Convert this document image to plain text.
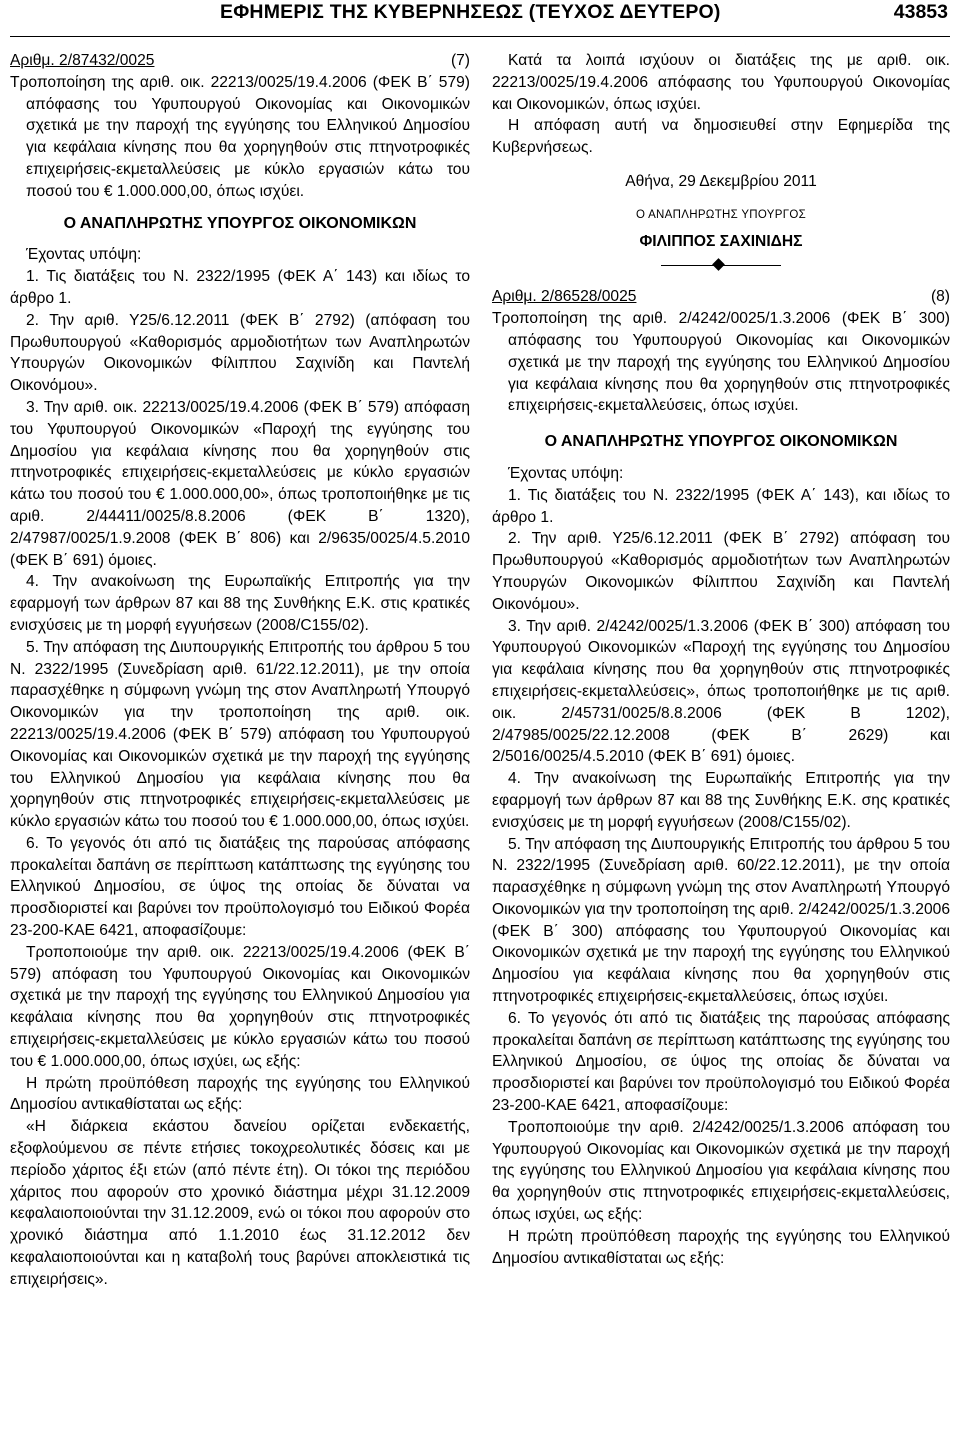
ΕΦΗΜΕΡΙΣ ΤΗΣ ΚΥΒΕΡΝΗΣΕΩΣ (ΤΕΥΧΟΣ ΔΕΥΤΕΡΟ)	43853

Αριθμ. 2/87432/0025	(7)

Τροποποίηση της αριθ. οικ. 22213/0025/19.4.2006 (ΦΕΚ Β΄ 579) απόφασης του Υφυπουργού Οικονομίας και Οικονομικών σχετικά με την παροχή της εγγύησης του Ελληνικού Δημοσίου για κεφάλαια κίνησης που θα χορηγηθούν στις πτηνοτροφικές επιχειρήσεις-εκμεταλλεύσεις με κύκλο εργασιών κάτω του ποσού του € 1.000.000,00, όπως ισχύει.

Ο ΑΝΑΠΛΗΡΩΤΗΣ ΥΠΟΥΡΓΟΣ ΟΙΚΟΝΟΜΙΚΩΝ

Έχοντας υπόψη:

1. Τις διατάξεις του Ν. 2322/1995 (ΦΕΚ Α΄ 143) και ιδίως το άρθρο 1.

2. Την αριθ. Υ25/6.12.2011 (ΦΕΚ Β΄ 2792) (απόφαση του Πρωθυπουργού «Καθορισμός αρμοδιοτήτων των Αναπληρωτών Υπουργών Οικονομικών Φίλιππου Σαχινίδη και Παντελή Οικονόμου».

3. Την αριθ. οικ. 22213/0025/19.4.2006 (ΦΕΚ Β΄ 579) απόφαση του Υφυπουργού Οικονομικών «Παροχή της εγγύησης του Δημοσίου για κεφάλαια κίνησης που θα χορηγηθούν στις πτηνοτροφικές επιχειρήσεις-εκμεταλλεύσεις με κύκλο εργασιών κάτω του ποσού του € 1.000.000,00», όπως τροποποιήθηκε με τις αριθ. 2/44411/0025/8.8.2006 (ΦΕΚ Β΄ 1320), 2/47987/0025/1.9.2008 (ΦΕΚ Β΄ 806) και 2/9635/0025/4.5.2010 (ΦΕΚ Β΄ 691) όμοιες.

4. Την ανακοίνωση της Ευρωπαϊκής Επιτροπής για την εφαρμογή των άρθρων 87 και 88 της Συνθήκης Ε.Κ. στις κρατικές ενισχύσεις με τη μορφή εγγυήσεων (2008/C155/02).

5. Την απόφαση της Διυπουργικής Επιτροπής του άρθρου 5 του Ν. 2322/1995 (Συνεδρίαση αριθ. 61/22.12.2011), με την οποία παρασχέθηκε η σύμφωνη γνώμη της στον Αναπληρωτή Υπουργό Οικονομικών για την τροποποίηση της αριθ. οικ. 22213/0025/19.4.2006 (ΦΕΚ Β΄ 579) απόφαση του Υφυπουργού Οικονομίας και Οικονομικών σχετικά με την παροχή της εγγύησης του Ελληνικού Δημοσίου για κεφάλαια κίνησης που θα χορηγηθούν στις πτηνοτροφικές επιχειρήσεις-εκμεταλλεύσεις με κύκλο εργασιών κάτω του ποσού του € 1.000.000,00, όπως ισχύει.

6. Το γεγονός ότι από τις διατάξεις της παρούσας απόφασης προκαλείται δαπάνη σε περίπτωση κατάπτωσης της εγγύησης του Ελληνικού Δημοσίου, σε ύψος της οποίας δε δύναται να προσδιοριστεί και βαρύνει τον προϋπολογισμό του Ειδικού Φορέα 23-200-ΚΑΕ 6421, αποφασίζουμε:

Τροποποιούμε την αριθ. οικ. 22213/0025/19.4.2006 (ΦΕΚ Β΄ 579) απόφαση του Υφυπουργού Οικονομίας και Οικονομικών σχετικά με την παροχή της εγγύησης του Ελληνικού Δημοσίου για κεφάλαια κίνησης που θα χορηγηθούν στις πτηνοτροφικές επιχειρήσεις-εκμεταλλεύσεις με κύκλο εργασιών κάτω του ποσού του € 1.000.000,00, όπως ισχύει, ως εξής:

Η πρώτη προϋπόθεση παροχής της εγγύησης του Ελληνικού Δημοσίου αντικαθίσταται ως εξής:

«Η διάρκεια εκάστου δανείου ορίζεται ενδεκαετής, εξοφλούμενου σε πέντε ετήσιες τοκοχρεολυτικές δόσεις και με περίοδο χάριτος έξι ετών (από πέντε έτη). Οι τόκοι της περιόδου χάριτος που αφορούν στο χρονικό διάστημα μέχρι 31.12.2009 κεφαλαιοποιούνται την 31.12.2009, ενώ οι τόκοι που αφορούν στο χρονικό διάστημα από 1.1.2010 έως 31.12.2012 δεν κεφαλαιοποιούνται και η καταβολή τους βαρύνει αποκλειστικά τις επιχειρήσεις».

Κατά τα λοιπά ισχύουν οι διατάξεις της με αριθ. οικ. 22213/0025/19.4.2006 απόφασης του Υφυπουργού Οικονομίας και Οικονομικών, όπως ισχύει.

Η απόφαση αυτή να δημοσιευθεί στην Εφημερίδα της Κυβερνήσεως.

Αθήνα, 29 Δεκεμβρίου 2011

Ο ΑΝΑΠΛΗΡΩΤΗΣ ΥΠΟΥΡΓΟΣ

ΦΙΛΙΠΠΟΣ ΣΑΧΙΝΙΔΗΣ

Αριθμ. 2/86528/0025	(8)

Τροποποίηση της αριθ. 2/4242/0025/1.3.2006 (ΦΕΚ Β΄ 300) απόφασης του Υφυπουργού Οικονομίας και Οικονομικών σχετικά με την παροχή της εγγύησης του Ελληνικού Δημοσίου για κεφάλαια κίνησης που θα χορηγηθούν στις πτηνοτροφικές επιχειρήσεις-εκμεταλλεύσεις, όπως ισχύει.

Ο ΑΝΑΠΛΗΡΩΤΗΣ ΥΠΟΥΡΓΟΣ ΟΙΚΟΝΟΜΙΚΩΝ

Έχοντας υπόψη:

1. Τις διατάξεις του Ν. 2322/1995 (ΦΕΚ Α΄ 143), και ιδίως το άρθρο 1.

2. Την αριθ. Υ25/6.12.2011 (ΦΕΚ Β΄ 2792) απόφαση του Πρωθυπουργού «Καθορισμός αρμοδιοτήτων των Αναπληρωτών Υπουργών Οικονομικών Φίλιππου Σαχινίδη και Παντελή Οικονόμου».

3. Την αριθ. 2/4242/0025/1.3.2006 (ΦΕΚ Β΄ 300) απόφαση του Υφυπουργού Οικονομικών «Παροχή της εγγύησης του Δημοσίου για κεφάλαια κίνησης που θα χορηγηθούν στις πτηνοτροφικές επιχειρήσεις-εκμεταλλεύσεις», όπως τροποποιήθηκε με τις αριθ. οικ. 2/45731/0025/8.8.2006 (ΦΕΚ Β 1202), 2/47985/0025/22.12.2008 (ΦΕΚ Β΄ 2629) και 2/5016/0025/4.5.2010 (ΦΕΚ Β΄ 691) όμοιες.

4. Την ανακοίνωση της Ευρωπαϊκής Επιτροπής για την εφαρμογή των άρθρων 87 και 88 της Συνθήκης Ε.Κ. σης κρατικές ενισχύσεις με τη μορφή εγγυήσεων (2008/C155/02).

5. Την απόφαση της Διυπουργικής Επιτροπής του άρθρου 5 του Ν. 2322/1995 (Συνεδρίαση αριθ. 60/22.12.2011), με την οποία παρασχέθηκε η σύμφωνη γνώμη της στον Αναπληρωτή Υπουργό Οικονομικών για την τροποποίηση της αριθ. 2/4242/0025/1.3.2006 (ΦΕΚ Β΄ 300) απόφασης του Υφυπουργού Οικονομίας και Οικονομικών σχετικά με την παροχή της εγγύησης του Ελληνικού Δημοσίου για κεφάλαια κίνησης που θα χορηγηθούν στις πτηνοτροφικές επιχειρήσεις-εκμεταλλεύσεις, όπως ισχύει.

6. Το γεγονός ότι από τις διατάξεις της παρούσας απόφασης προκαλείται δαπάνη σε περίπτωση κατάπτωσης της εγγύησης του Ελληνικού Δημοσίου, σε ύψος της οποίας δε δύναται να προσδιοριστεί και βαρύνει τον προϋπολογισμό του Ειδικού Φορέα 23-200-ΚΑΕ 6421, αποφασίζουμε:

Τροποποιούμε την αριθ. 2/4242/0025/1.3.2006 απόφαση του Υφυπουργού Οικονομίας και Οικονομικών σχετικά με την παροχή της εγγύησης του Ελληνικού Δημοσίου για κεφάλαια κίνησης που θα χορηγηθούν στις πτηνοτροφικές επιχειρήσεις-εκμεταλλεύσεις, όπως ισχύει, ως εξής:

Η πρώτη προϋπόθεση παροχής της εγγύησης του Ελληνικού Δημοσίου αντικαθίσταται ως εξής:
